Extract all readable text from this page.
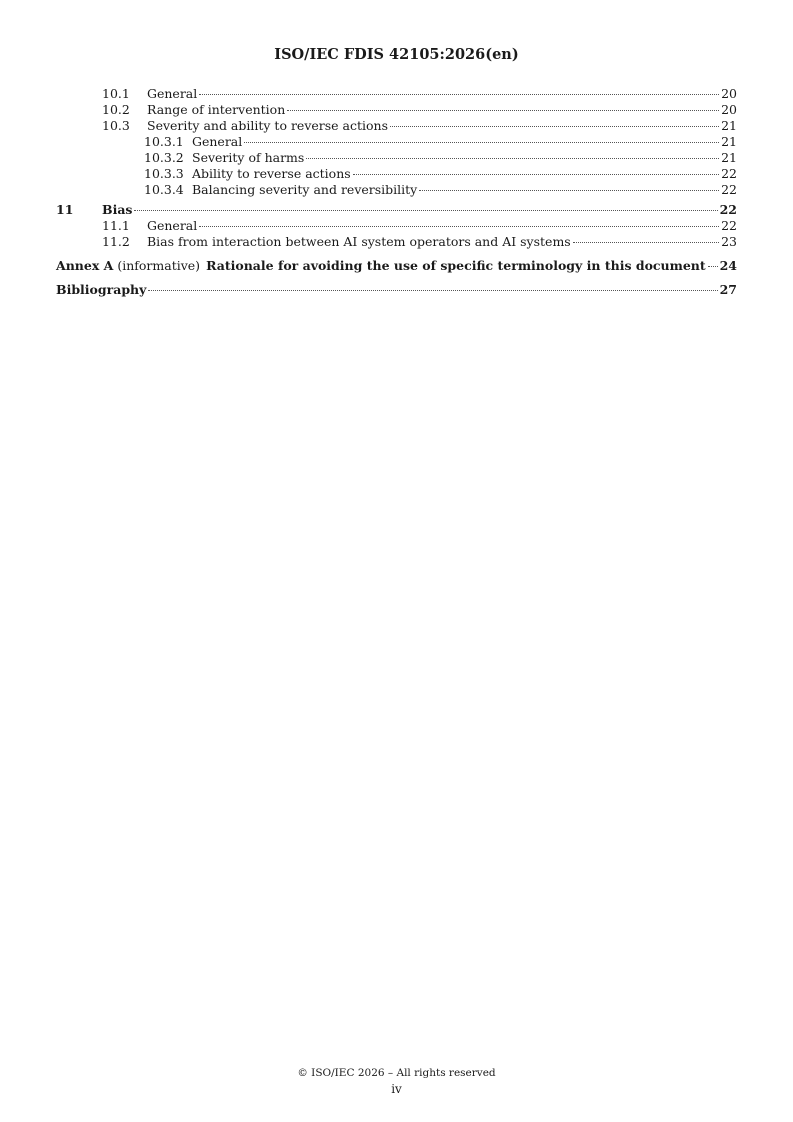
ISO/IEC FDIS 42105:2026(en)
10.1	General	20
10.2	Range of intervention	20
10.3	Severity and ability to reverse actions	21
10.3.1 General	21
10.3.2 Severity of harms	21
10.3.3 Ability to reverse actions	22
10.3.4 Balancing severity and reversibility	22
11	Bias	22
11.1	General	22
11.2	Bias from interaction between AI system operators and AI systems	23
Annex A (informative) Rationale for avoiding the use of specific terminology in this document 24
Bibliography	27
© ISO/IEC 2026 – All rights reserved
iv
